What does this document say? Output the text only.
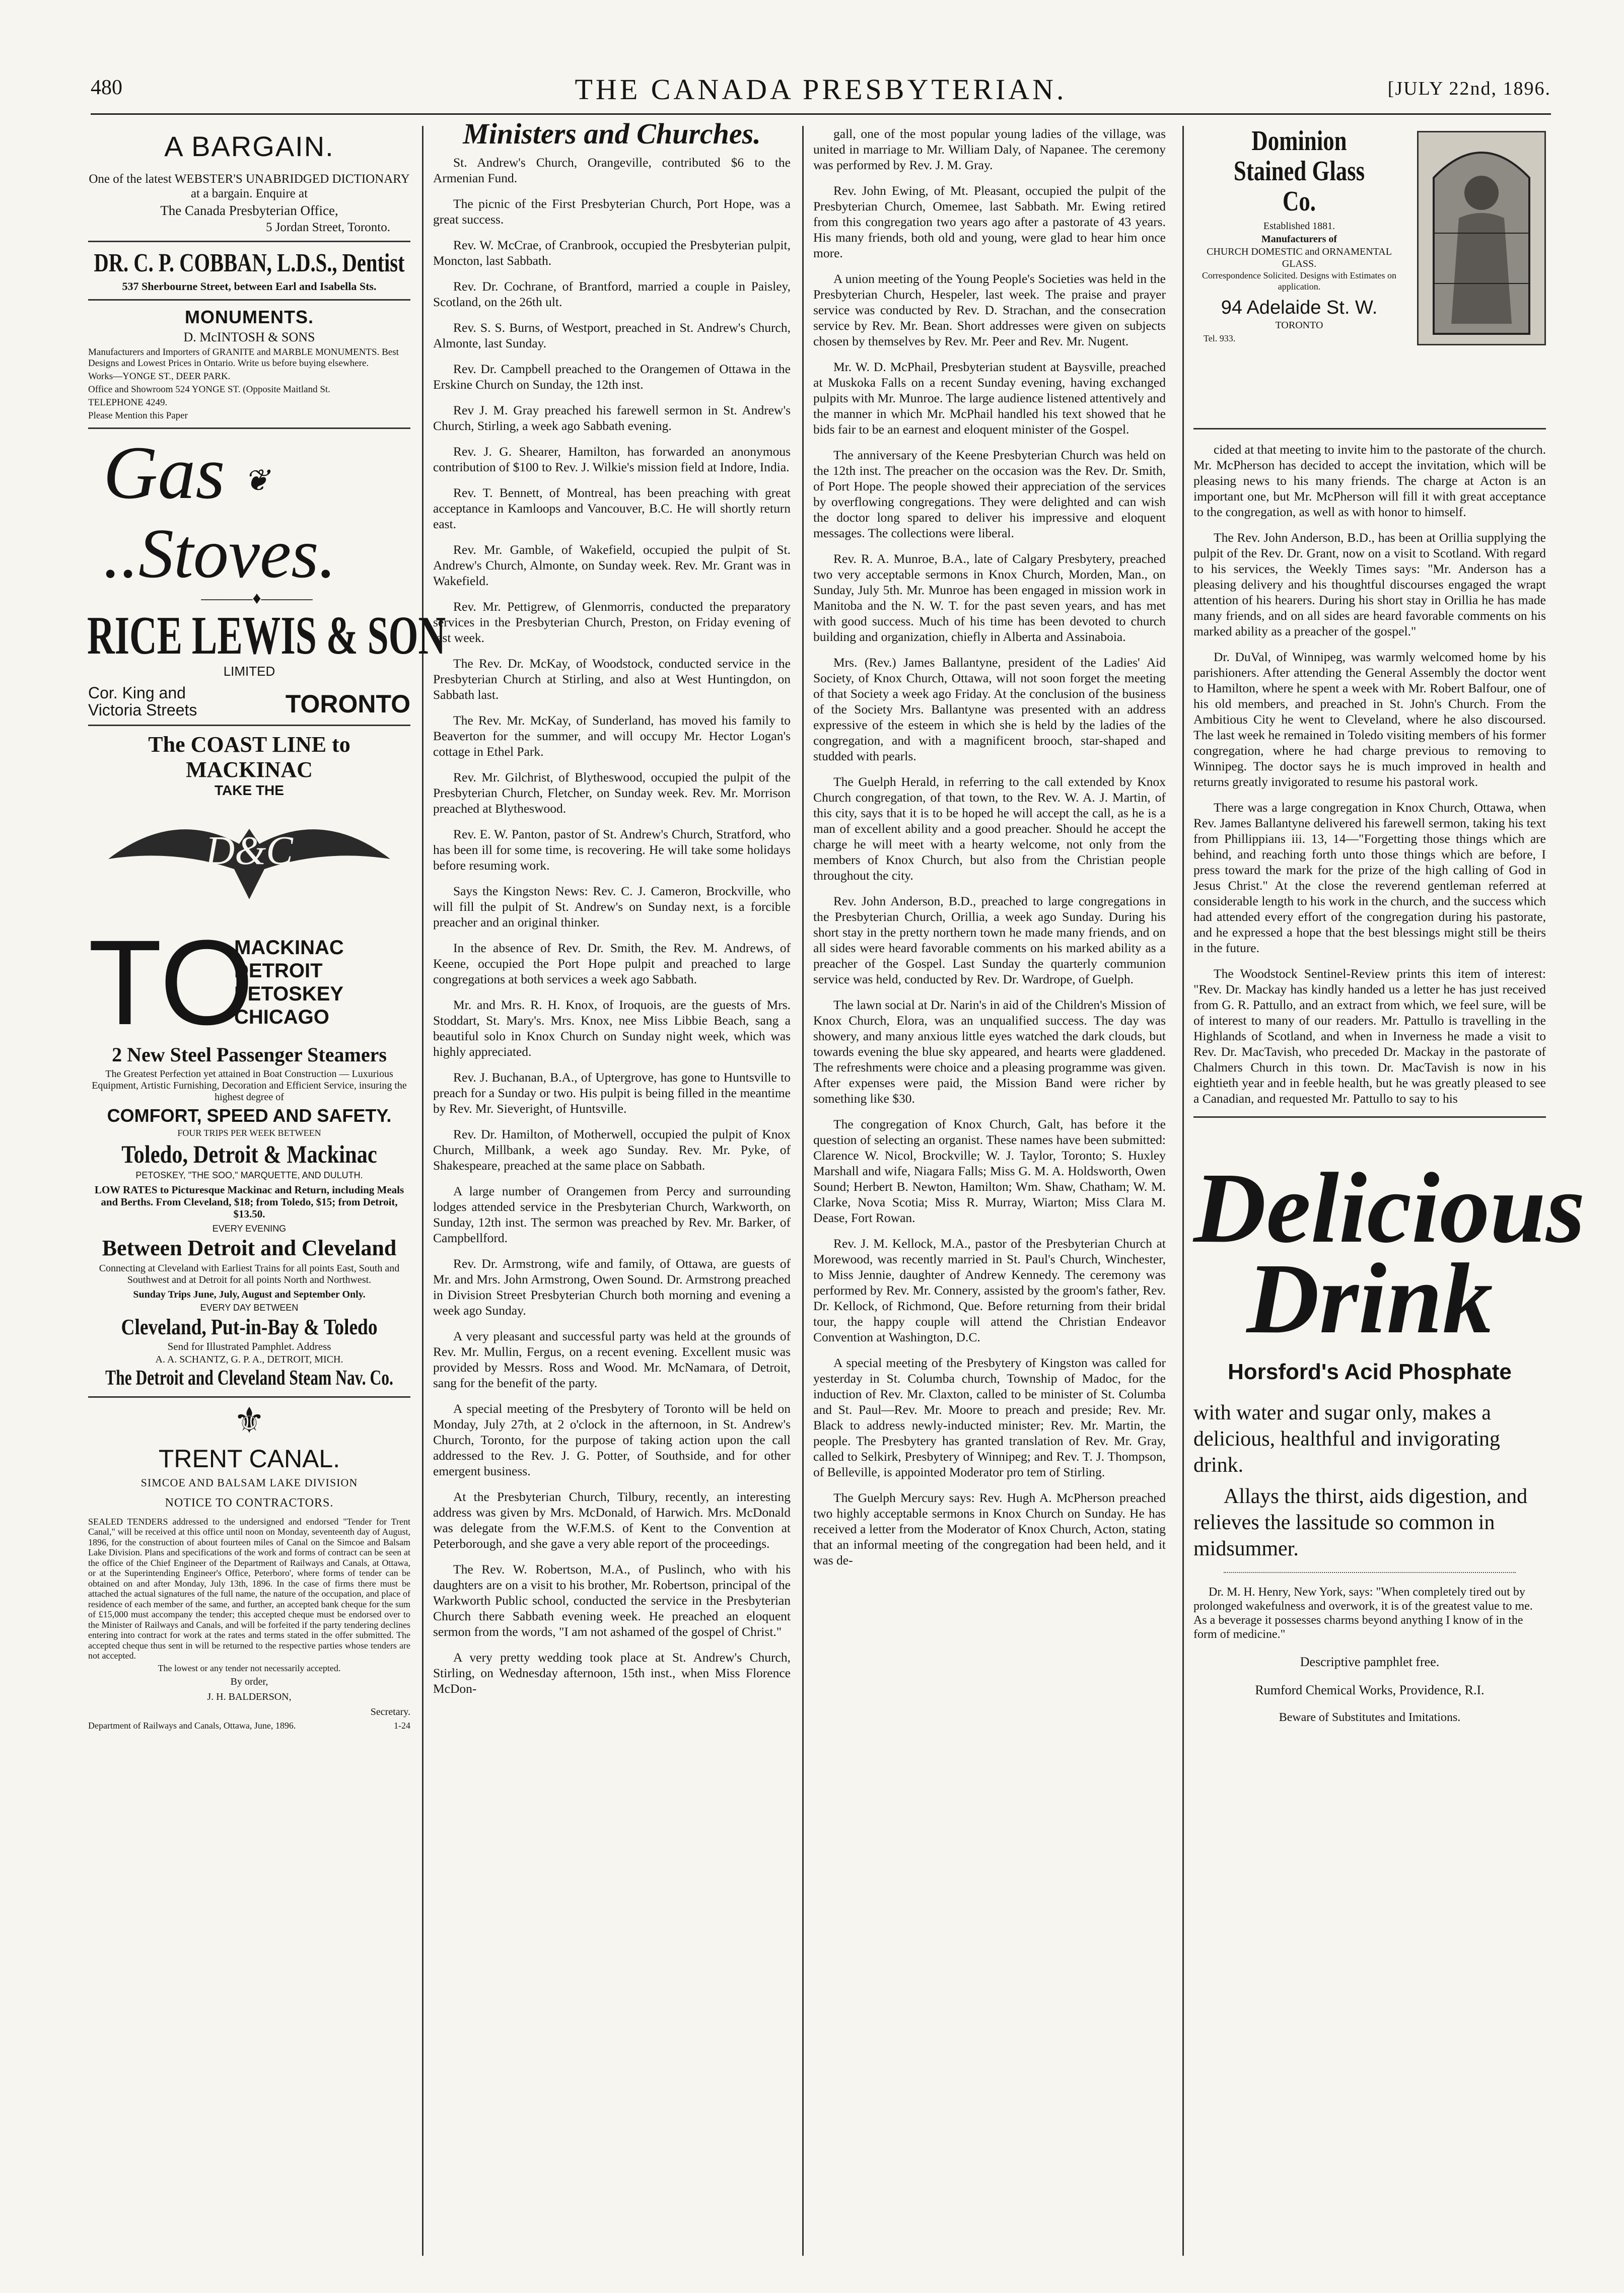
480	THE CANADA PRESBYTERIAN.	[JULY 22nd, 1896.
A BARGAIN.

One of the latest WEBSTER'S UNABRIDGED DICTIONARY at a bargain. Enquire at

The Canada Presbyterian Office,

5 Jordan Street, Toronto.

DR. C. P. COBBAN, L.D.S., Dentist

537 Sherbourne Street, between Earl and Isabella Sts.

MONUMENTS.

D. McINTOSH & SONS

Manufacturers and Importers of GRANITE and MARBLE MONUMENTS. Best Designs and Lowest Prices in Ontario. Write us before buying elsewhere.

Works—YONGE ST., DEER PARK.

Office and Showroom 524 YONGE ST. (Opposite Maitland St.

TELEPHONE 4249.

Please Mention this Paper

Gas ❦
..Stoves.
———♦———
RICE LEWIS & SON
LIMITED
Cor. King and Victoria Streets	TORONTO
The COAST LINE to MACKINAC
TAKE THE
D&C
TO
MACKINAC
DETROIT
PETOSKEY
CHICAGO
2 New Steel Passenger Steamers

The Greatest Perfection yet attained in Boat Construction — Luxurious Equipment, Artistic Furnishing, Decoration and Efficient Service, insuring the highest degree of

COMFORT, SPEED AND SAFETY.
FOUR TRIPS PER WEEK BETWEEN
Toledo, Detroit & Mackinac
PETOSKEY, "THE SOO," MARQUETTE, AND DULUTH.

LOW RATES to Picturesque Mackinac and Return, including Meals and Berths. From Cleveland, $18; from Toledo, $15; from Detroit, $13.50.

EVERY EVENING
Between Detroit and Cleveland

Connecting at Cleveland with Earliest Trains for all points East, South and Southwest and at Detroit for all points North and Northwest.

Sunday Trips June, July, August and September Only.
EVERY DAY BETWEEN
Cleveland, Put-in-Bay & Toledo
Send for Illustrated Pamphlet. Address
A. A. SCHANTZ, G. P. A., DETROIT, MICH.
The Detroit and Cleveland Steam Nav. Co.
⚜
TRENT CANAL.
SIMCOE AND BALSAM LAKE DIVISION
NOTICE TO CONTRACTORS.

SEALED TENDERS addressed to the undersigned and endorsed "Tender for Trent Canal," will be received at this office until noon on Monday, seventeenth day of August, 1896, for the construction of about fourteen miles of Canal on the Simcoe and Balsam Lake Division. Plans and specifications of the work and forms of contract can be seen at the office of the Chief Engineer of the Department of Railways and Canals, at Ottawa, or at the Superintending Engineer's Office, Peterboro', where forms of tender can be obtained on and after Monday, July 13th, 1896. In the case of firms there must be attached the actual signatures of the full name, the nature of the occupation, and place of residence of each member of the same, and further, an accepted bank cheque for the sum of £15,000 must accompany the tender; this accepted cheque must be endorsed over to the Minister of Railways and Canals, and will be forfeited if the party tendering declines entering into contract for work at the rates and terms stated in the offer submitted. The accepted cheque thus sent in will be returned to the respective parties whose tenders are not accepted.

The lowest or any tender not necessarily accepted.

By order,

J. H. BALDERSON,

Secretary.

Department of Railways and Canals, Ottawa, June, 1896.	1-24
Ministers and Churches.

St. Andrew's Church, Orangeville, contributed $6 to the Armenian Fund.

The picnic of the First Presbyterian Church, Port Hope, was a great success.

Rev. W. McCrae, of Cranbrook, occupied the Presbyterian pulpit, Moncton, last Sabbath.

Rev. Dr. Cochrane, of Brantford, married a couple in Paisley, Scotland, on the 26th ult.

Rev. S. S. Burns, of Westport, preached in St. Andrew's Church, Almonte, last Sunday.

Rev. Dr. Campbell preached to the Orangemen of Ottawa in the Erskine Church on Sunday, the 12th inst.

Rev J. M. Gray preached his farewell sermon in St. Andrew's Church, Stirling, a week ago Sabbath evening.

Rev. J. G. Shearer, Hamilton, has forwarded an anonymous contribution of $100 to Rev. J. Wilkie's mission field at Indore, India.

Rev. T. Bennett, of Montreal, has been preaching with great acceptance in Kamloops and Vancouver, B.C. He will shortly return east.

Rev. Mr. Gamble, of Wakefield, occupied the pulpit of St. Andrew's Church, Almonte, on Sunday week. Rev. Mr. Grant was in Wakefield.

Rev. Mr. Pettigrew, of Glenmorris, conducted the preparatory services in the Presbyterian Church, Preston, on Friday evening of last week.

The Rev. Dr. McKay, of Woodstock, conducted service in the Presbyterian Church at Stirling, and also at West Huntingdon, on Sabbath last.

The Rev. Mr. McKay, of Sunderland, has moved his family to Beaverton for the summer, and will occupy Mr. Hector Logan's cottage in Ethel Park.

Rev. Mr. Gilchrist, of Blytheswood, occupied the pulpit of the Presbyterian Church, Fletcher, on Sunday week. Rev. Mr. Morrison preached at Blytheswood.

Rev. E. W. Panton, pastor of St. Andrew's Church, Stratford, who has been ill for some time, is recovering. He will take some holidays before resuming work.

Says the Kingston News: Rev. C. J. Cameron, Brockville, who will fill the pulpit of St. Andrew's on Sunday next, is a forcible preacher and an original thinker.

In the absence of Rev. Dr. Smith, the Rev. M. Andrews, of Keene, occupied the Port Hope pulpit and preached to large congregations at both services a week ago Sabbath.

Mr. and Mrs. R. H. Knox, of Iroquois, are the guests of Mrs. Stoddart, St. Mary's. Mrs. Knox, nee Miss Libbie Beach, sang a beautiful solo in Knox Church on Sunday night week, which was highly appreciated.

Rev. J. Buchanan, B.A., of Uptergrove, has gone to Huntsville to preach for a Sunday or two. His pulpit is being filled in the meantime by Rev. Mr. Sieveright, of Huntsville.

Rev. Dr. Hamilton, of Motherwell, occupied the pulpit of Knox Church, Millbank, a week ago Sunday. Rev. Mr. Pyke, of Shakespeare, preached at the same place on Sabbath.

A large number of Orangemen from Percy and surrounding lodges attended service in the Presbyterian Church, Warkworth, on Sunday, 12th inst. The sermon was preached by Rev. Mr. Barker, of Campbellford.

Rev. Dr. Armstrong, wife and family, of Ottawa, are guests of Mr. and Mrs. John Armstrong, Owen Sound. Dr. Armstrong preached in Division Street Presbyterian Church both morning and evening a week ago Sunday.

A very pleasant and successful party was held at the grounds of Rev. Mr. Mullin, Fergus, on a recent evening. Excellent music was provided by Messrs. Ross and Wood. Mr. McNamara, of Detroit, sang for the benefit of the party.

A special meeting of the Presbytery of Toronto will be held on Monday, July 27th, at 2 o'clock in the afternoon, in St. Andrew's Church, Toronto, for the purpose of taking action upon the call addressed to the Rev. J. G. Potter, of Southside, and for other emergent business.

At the Presbyterian Church, Tilbury, recently, an interesting address was given by Mrs. McDonald, of Harwich. Mrs. McDonald was delegate from the W.F.M.S. of Kent to the Convention at Peterborough, and she gave a very able report of the proceedings.

The Rev. W. Robertson, M.A., of Puslinch, who with his daughters are on a visit to his brother, Mr. Robertson, principal of the Warkworth Public school, conducted the service in the Presbyterian Church there Sabbath evening week. He preached an eloquent sermon from the words, "I am not ashamed of the gospel of Christ."

A very pretty wedding took place at St. Andrew's Church, Stirling, on Wednesday afternoon, 15th inst., when Miss Florence McDon-

gall, one of the most popular young ladies of the village, was united in marriage to Mr. William Daly, of Napanee. The ceremony was performed by Rev. J. M. Gray.

Rev. John Ewing, of Mt. Pleasant, occupied the pulpit of the Presbyterian Church, Omemee, last Sabbath. Mr. Ewing retired from this congregation two years ago after a pastorate of 43 years. His many friends, both old and young, were glad to hear him once more.

A union meeting of the Young People's Societies was held in the Presbyterian Church, Hespeler, last week. The praise and prayer service was conducted by Rev. D. Strachan, and the consecration service by Rev. Mr. Bean. Short addresses were given on subjects chosen by themselves by Rev. Mr. Peer and Rev. Mr. Nugent.

Mr. W. D. McPhail, Presbyterian student at Baysville, preached at Muskoka Falls on a recent Sunday evening, having exchanged pulpits with Mr. Munroe. The large audience listened attentively and the manner in which Mr. McPhail handled his text showed that he bids fair to be an earnest and eloquent minister of the Gospel.

The anniversary of the Keene Presbyterian Church was held on the 12th inst. The preacher on the occasion was the Rev. Dr. Smith, of Port Hope. The people showed their appreciation of the services by overflowing congregations. They were delighted and can wish the doctor long spared to deliver his impressive and eloquent messages. The collections were liberal.

Rev. R. A. Munroe, B.A., late of Calgary Presbytery, preached two very acceptable sermons in Knox Church, Morden, Man., on Sunday, July 5th. Mr. Munroe has been engaged in mission work in Manitoba and the N. W. T. for the past seven years, and has met with good success. Much of his time has been devoted to church building and organization, chiefly in Alberta and Assinaboia.

Mrs. (Rev.) James Ballantyne, president of the Ladies' Aid Society, of Knox Church, Ottawa, will not soon forget the meeting of that Society a week ago Friday. At the conclusion of the business of the Society Mrs. Ballantyne was presented with an address expressive of the esteem in which she is held by the ladies of the congregation, and with a magnificent brooch, star-shaped and studded with pearls.

The Guelph Herald, in referring to the call extended by Knox Church congregation, of that town, to the Rev. W. A. J. Martin, of this city, says that it is to be hoped he will accept the call, as he is a man of excellent ability and a good preacher. Should he accept the charge he will meet with a hearty welcome, not only from the members of Knox Church, but also from the Christian people throughout the city.

Rev. John Anderson, B.D., preached to large congregations in the Presbyterian Church, Orillia, a week ago Sunday. During his short stay in the pretty northern town he made many friends, and on all sides were heard favorable comments on his marked ability as a preacher of the Gospel. Last Sunday the quarterly communion service was held, conducted by Rev. Dr. Wardrope, of Guelph.

The lawn social at Dr. Narin's in aid of the Children's Mission of Knox Church, Elora, was an unqualified success. The day was showery, and many anxious little eyes watched the dark clouds, but towards evening the blue sky appeared, and hearts were gladdened. The refreshments were choice and a pleasing programme was given. After expenses were paid, the Mission Band were richer by something like $30.

The congregation of Knox Church, Galt, has before it the question of selecting an organist. These names have been submitted: Clarence W. Nicol, Brockville; W. J. Taylor, Toronto; S. Huxley Marshall and wife, Niagara Falls; Miss G. M. A. Holdsworth, Owen Sound; Herbert B. Newton, Hamilton; Wm. Shaw, Chatham; W. M. Clarke, Nova Scotia; Miss R. Murray, Wiarton; Miss Clara M. Dease, Fort Rowan.

Rev. J. M. Kellock, M.A., pastor of the Presbyterian Church at Morewood, was recently married in St. Paul's Church, Winchester, to Miss Jennie, daughter of Andrew Kennedy. The ceremony was performed by Rev. Mr. Connery, assisted by the groom's father, Rev. Dr. Kellock, of Richmond, Que. Before returning from their bridal tour, the happy couple will attend the Christian Endeavor Convention at Washington, D.C.

A special meeting of the Presbytery of Kingston was called for yesterday in St. Columba church, Township of Madoc, for the induction of Rev. Mr. Claxton, called to be minister of St. Columba and St. Paul—Rev. Mr. Moore to preach and preside; Rev. Mr. Black to address newly-inducted minister; Rev. Mr. Martin, the people. The Presbytery has granted translation of Rev. Mr. Gray, called to Selkirk, Presbytery of Winnipeg; and Rev. T. J. Thompson, of Belleville, is appointed Moderator pro tem of Stirling.

The Guelph Mercury says: Rev. Hugh A. McPherson preached two highly acceptable sermons in Knox Church on Sunday. He has received a letter from the Moderator of Knox Church, Acton, stating that an informal meeting of the congregation had been held, and it was de-

Dominion Stained Glass Co.
Established 1881.
Manufacturers of
CHURCH DOMESTIC and ORNAMENTAL GLASS.
Correspondence Solicited. Designs with Estimates on application.
94 Adelaide St. W.
TORONTO
Tel. 933.

cided at that meeting to invite him to the pastorate of the church. Mr. McPherson has decided to accept the invitation, which will be pleasing news to his many friends. The charge at Acton is an important one, but Mr. McPherson will fill it with great acceptance to the congregation, as well as with honor to himself.

The Rev. John Anderson, B.D., has been at Orillia supplying the pulpit of the Rev. Dr. Grant, now on a visit to Scotland. With regard to his services, the Weekly Times says: "Mr. Anderson has a pleasing delivery and his thoughtful discourses engaged the wrapt attention of his hearers. During his short stay in Orillia he has made many friends, and on all sides are heard favorable comments on his marked ability as a preacher of the gospel."

Dr. DuVal, of Winnipeg, was warmly welcomed home by his parishioners. After attending the General Assembly the doctor went to Hamilton, where he spent a week with Mr. Robert Balfour, one of his old members, and preached in St. John's Church. From the Ambitious City he went to Cleveland, where he also discoursed. The last week he remained in Toledo visiting members of his former congregation, where he had charge previous to removing to Winnipeg. The doctor says he is much improved in health and returns greatly invigorated to resume his pastoral work.

There was a large congregation in Knox Church, Ottawa, when Rev. James Ballantyne delivered his farewell sermon, taking his text from Phillippians iii. 13, 14—"Forgetting those things which are behind, and reaching forth unto those things which are before, I press toward the mark for the prize of the high calling of God in Jesus Christ." At the close the reverend gentleman referred at considerable length to his work in the church, and the success which had attended every effort of the congregation during his pastorate, and he expressed a hope that the best blessings might still be theirs in the future.

The Woodstock Sentinel-Review prints this item of interest: "Rev. Dr. Mackay has kindly handed us a letter he has just received from G. R. Pattullo, and an extract from which, we feel sure, will be of interest to many of our readers. Mr. Pattullo is travelling in the Highlands of Scotland, and when in Inverness he made a visit to Rev. Dr. MacTavish, who preceded Dr. Mackay in the pastorate of Chalmers Church in this town. Dr. MacTavish is now in his eightieth year and in feeble health, but he was greatly pleased to see a Canadian, and requested Mr. Pattullo to say to his

Delicious
Drink
Horsford's Acid Phosphate

with water and sugar only, makes a delicious, healthful and invigorating drink.

Allays the thirst, aids digestion, and relieves the lassitude so common in midsummer.

Dr. M. H. Henry, New York, says: "When completely tired out by prolonged wakefulness and overwork, it is of the greatest value to me. As a beverage it possesses charms beyond anything I know of in the form of medicine."

Descriptive pamphlet free.

Rumford Chemical Works, Providence, R.I.

Beware of Substitutes and Imitations.
